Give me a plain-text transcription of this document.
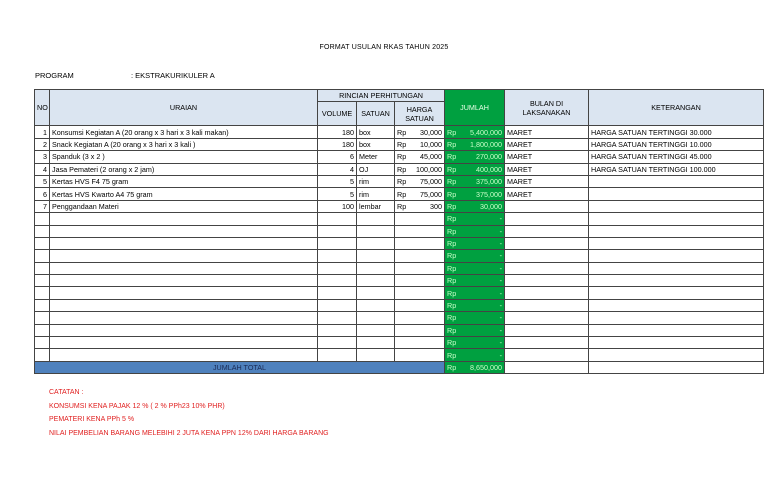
FORMAT USULAN RKAS TAHUN 2025
PROGRAM	: EKSTRAKURIKULER A
NO	URAIAN	RINCIAN PERHITUNGAN				JUMLAH		BULAN DI LAKSANAKAN	KETERANGAN
		VOLUME	SATUAN	HARGA SATUAN					
1	Konsumsi Kegiatan A (20 orang x 3 hari x 3 kali makan)	180	box	Rp	30,000	Rp	5,400,000	MARET	HARGA SATUAN TERTINGGI 30.000
2	Snack Kegiatan A (20 orang x 3 hari x 3 kali )	180	box	Rp	10,000	Rp	1,800,000	MARET	HARGA SATUAN TERTINGGI 10.000
3	Spanduk (3 x 2 )	6	Meter	Rp	45,000	Rp	270,000	MARET	HARGA SATUAN TERTINGGI 45.000
4	Jasa Pemateri (2 orang x 2 jam)	4	OJ	Rp	100,000	Rp	400,000	MARET	HARGA SATUAN TERTINGGI 100.000
5	Kertas HVS F4 75 gram	5	rim	Rp	75,000	Rp	375,000	MARET	
6	Kertas HVS Kwarto A4 75 gram	5	rim	Rp	75,000	Rp	375,000	MARET	
7	Penggandaan Materi	100	lembar	Rp	300	Rp	30,000		
						Rp	-		
						Rp	-		
						Rp	-		
						Rp	-		
						Rp	-		
						Rp	-		
						Rp	-		
						Rp	-		
						Rp	-		
						Rp	-		
						Rp	-		
						Rp	-		
JUMLAH TOTAL						Rp	8,650,000		
CATATAN :
KONSUMSI KENA PAJAK 12 % ( 2 % PPh23 10% PHR)
PEMATERI KENA PPh 5 %
NILAI PEMBELIAN BARANG MELEBIHI 2 JUTA KENA PPN 12% DARI HARGA BARANG
